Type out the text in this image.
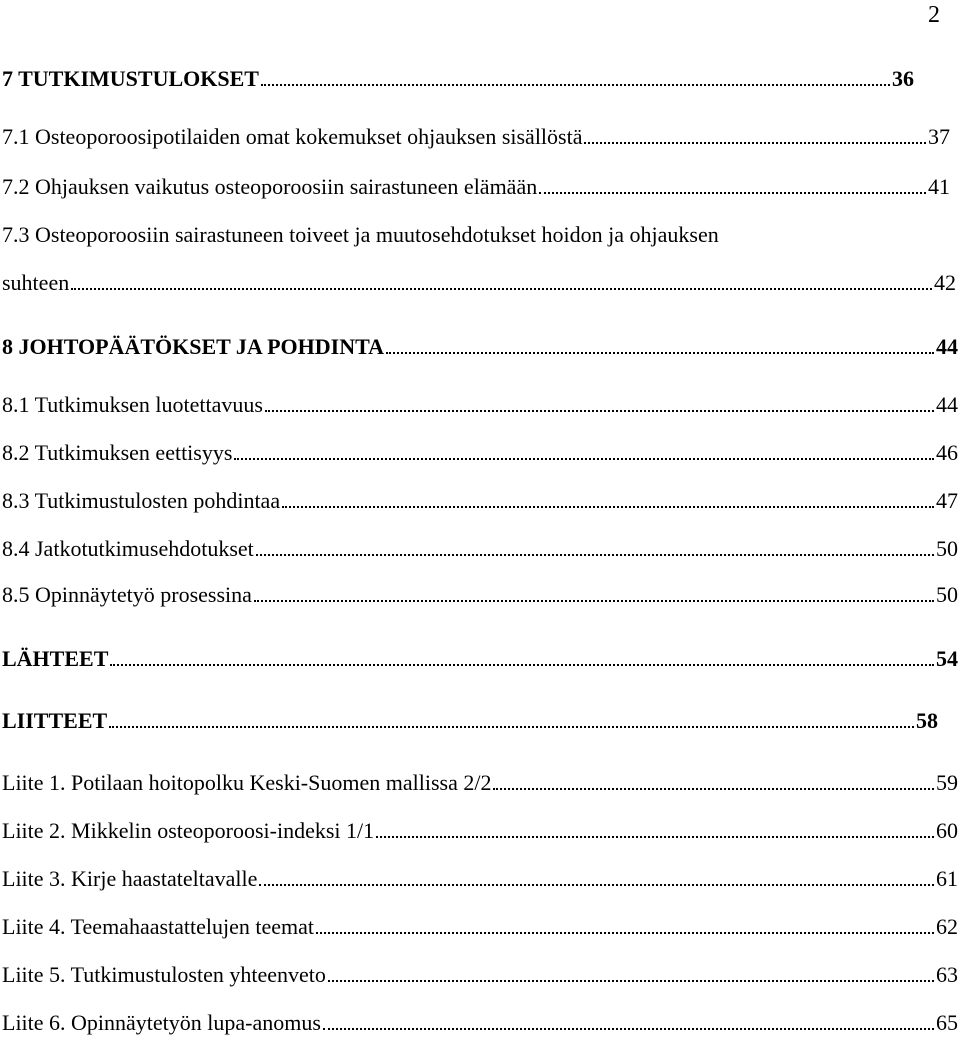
2
7 TUTKIMUSTULOKSET	36
7.1 Osteoporoosipotilaiden omat kokemukset ohjauksen sisällöstä	37
7.2 Ohjauksen vaikutus osteoporoosiin sairastuneen elämään	41
7.3 Osteoporoosiin sairastuneen toiveet ja muutosehdotukset hoidon ja ohjauksen
suhteen	42
8 JOHTOPÄÄTÖKSET JA POHDINTA	44
8.1 Tutkimuksen luotettavuus	44
8.2 Tutkimuksen eettisyys	46
8.3 Tutkimustulosten pohdintaa	47
8.4 Jatkotutkimusehdotukset	50
8.5 Opinnäytetyö prosessina	50
LÄHTEET	54
LIITTEET	58
Liite 1. Potilaan hoitopolku Keski-Suomen mallissa 2/2	59
Liite 2. Mikkelin osteoporoosi-indeksi 1/1	60
Liite 3. Kirje haastateltavalle	61
Liite 4. Teemahaastattelujen teemat	62
Liite 5. Tutkimustulosten yhteenveto	63
Liite 6. Opinnäytetyön lupa-anomus	65
